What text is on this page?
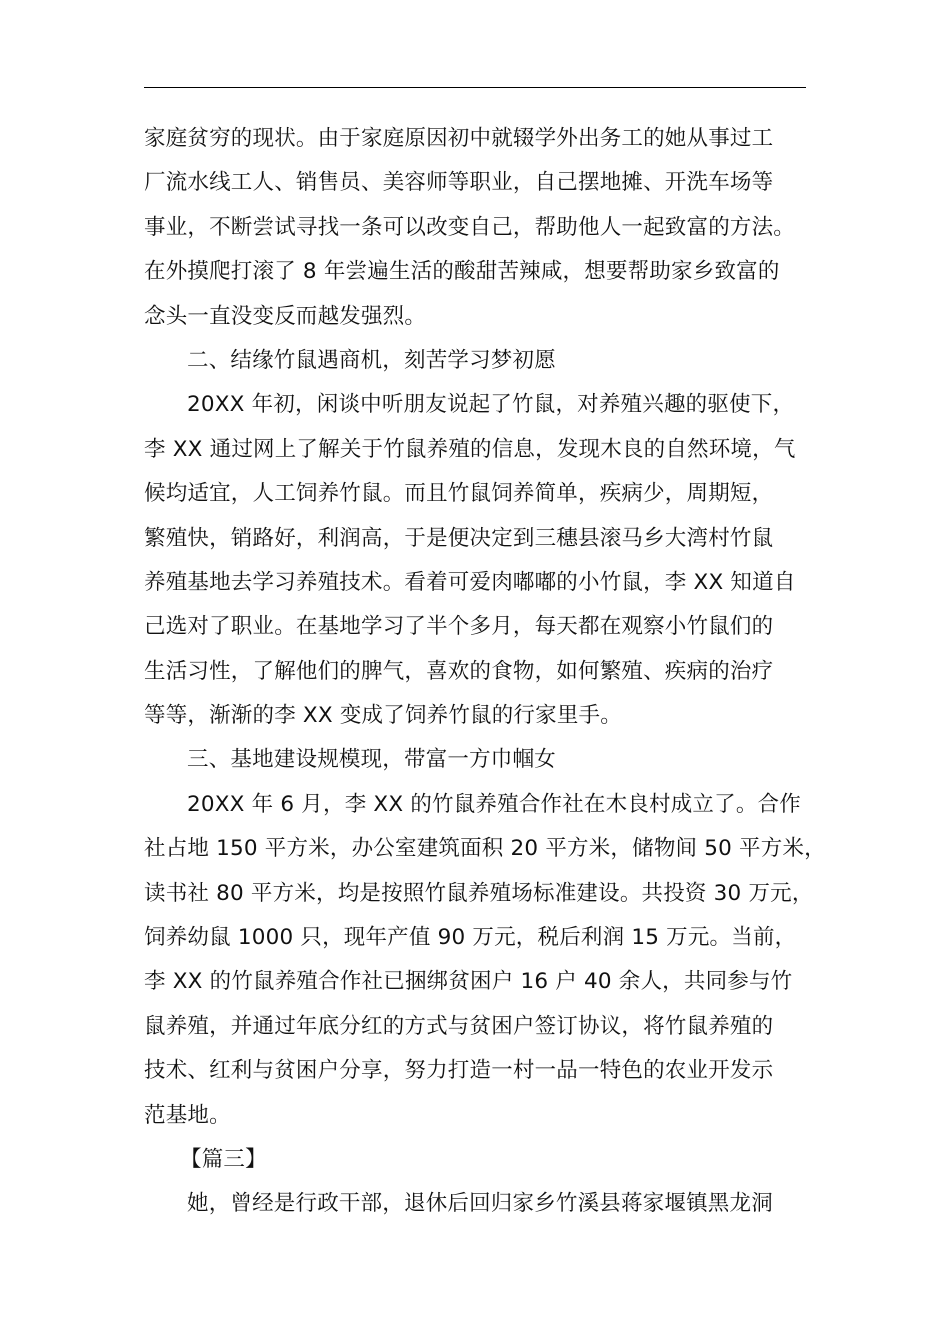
家庭贫穷的现状。由于家庭原因初中就辍学外出务工的她从事过工
厂流水线工人、销售员、美容师等职业，自己摆地摊、开洗车场等
事业，不断尝试寻找一条可以改变自己，帮助他人一起致富的方法。
在外摸爬打滚了 8 年尝遍生活的酸甜苦辣咸，想要帮助家乡致富的
念头一直没变反而越发强烈。
二、结缘竹鼠遇商机，刻苦学习梦初愿
20XX 年初，闲谈中听朋友说起了竹鼠，对养殖兴趣的驱使下，
李 XX 通过网上了解关于竹鼠养殖的信息，发现木良的自然环境，气
候均适宜，人工饲养竹鼠。而且竹鼠饲养简单，疾病少，周期短，
繁殖快，销路好，利润高，于是便决定到三穗县滚马乡大湾村竹鼠
养殖基地去学习养殖技术。看着可爱肉嘟嘟的小竹鼠，李 XX 知道自
己选对了职业。在基地学习了半个多月，每天都在观察小竹鼠们的
生活习性，了解他们的脾气，喜欢的食物，如何繁殖、疾病的治疗
等等，渐渐的李 XX 变成了饲养竹鼠的行家里手。
三、基地建设规模现，带富一方巾帼女
20XX 年 6 月，李 XX 的竹鼠养殖合作社在木良村成立了。合作
社占地 150 平方米，办公室建筑面积 20 平方米，储物间 50 平方米，
读书社 80 平方米，均是按照竹鼠养殖场标准建设。共投资 30 万元，
饲养幼鼠 1000 只，现年产值 90 万元，税后利润 15 万元。当前，
李 XX 的竹鼠养殖合作社已捆绑贫困户 16 户 40 余人，共同参与竹
鼠养殖，并通过年底分红的方式与贫困户签订协议，将竹鼠养殖的
技术、红利与贫困户分享，努力打造一村一品一特色的农业开发示
范基地。
【篇三】
她，曾经是行政干部，退休后回归家乡竹溪县蒋家堰镇黑龙洞
